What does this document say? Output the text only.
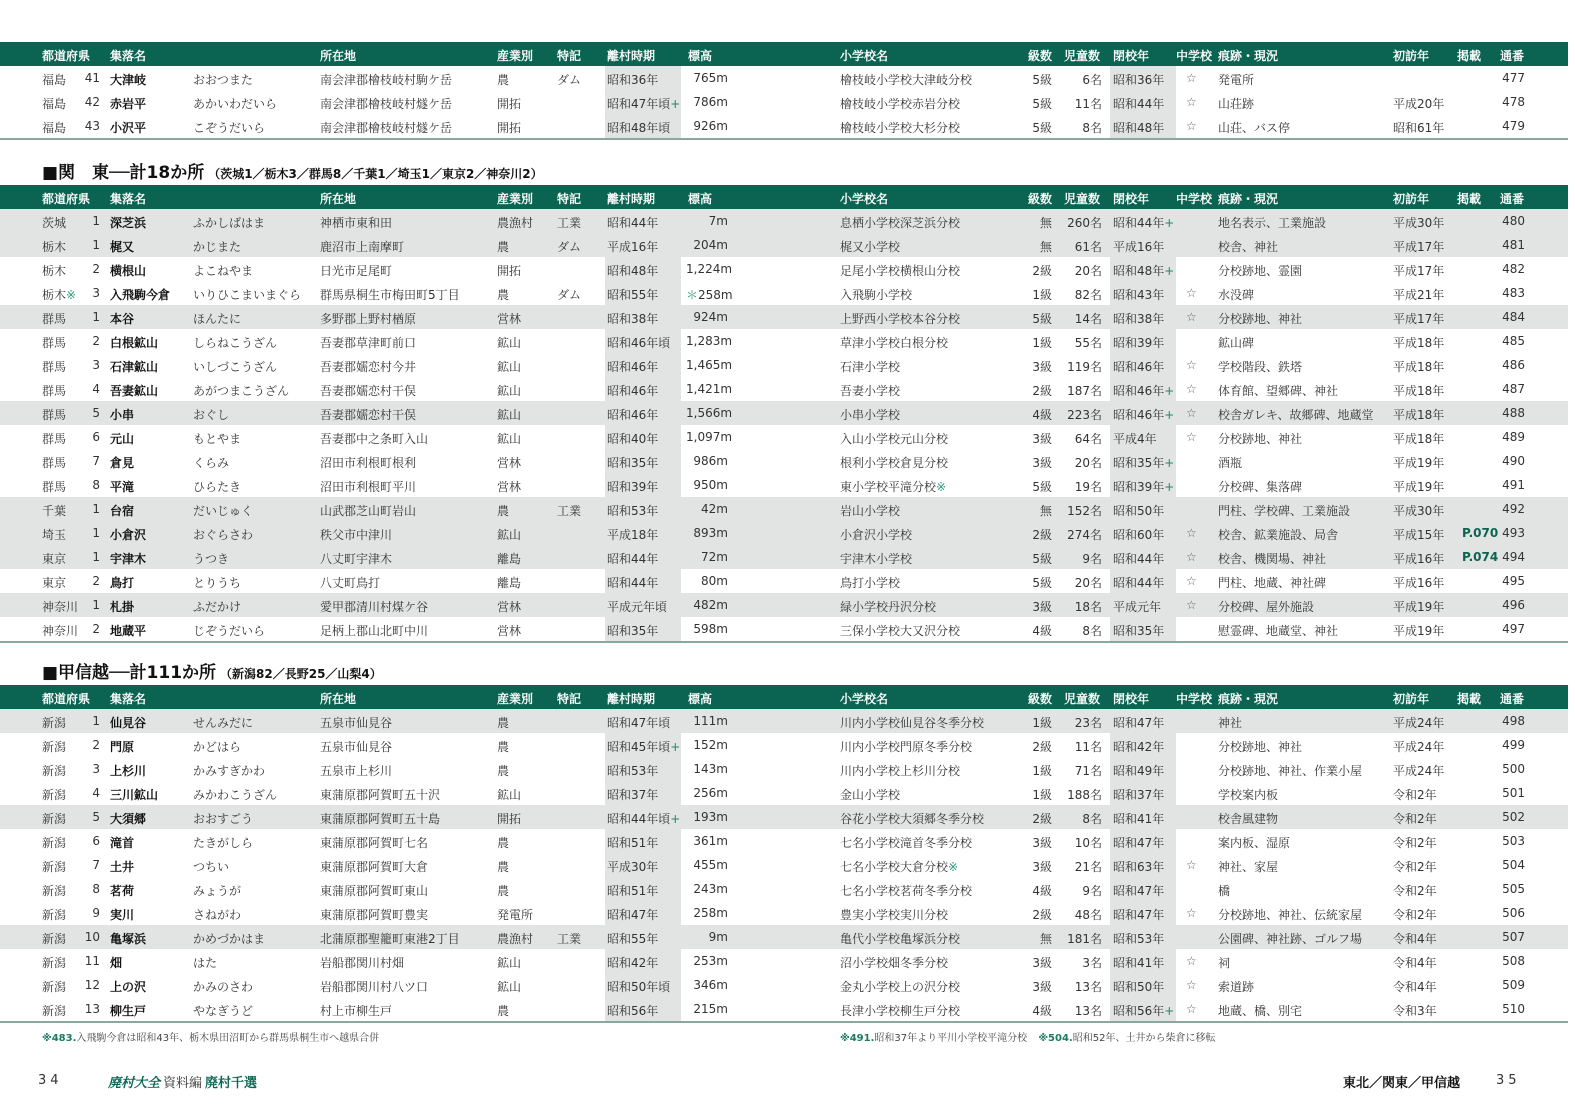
都道府県 集落名	所在地	産業別 特記 離村時期	標高	小学校名	級数 児童数 閉校年 中学校 痕跡・現況	初訪年 掲載 通番
福島	41 大津岐	おおつまた	南会津郡檜枝岐村駒ケ岳	農	ダム 昭和36年	765m	檜枝岐小学校大津岐分校	5級	6名 昭和36年 ☆ 発電所	477
福島	42 赤岩平	あかいわだいら	南会津郡檜枝岐村燧ケ岳	開拓	昭和47年頃+	786m	檜枝岐小学校赤岩分校	5級	11名 昭和44年 ☆ 山荘跡	平成20年	478
福島	43 小沢平	こぞうだいら	南会津郡檜枝岐村燧ケ岳	開拓	昭和48年頃	926m	檜枝岐小学校大杉分校	5級	8名 昭和48年 ☆ 山荘、バス停	昭和61年	479
■関　東──計18か所 （茨城1／栃木3／群馬8／千葉1／埼玉1／東京2／神奈川2）
都道府県 集落名	所在地	産業別 特記 離村時期	標高	小学校名	級数 児童数 閉校年 中学校 痕跡・現況	初訪年 掲載 通番
茨城	1 深芝浜	ふかしばはま	神栖市東和田	農漁村 工業 昭和44年	7m	息栖小学校深芝浜分校	無	260名 昭和44年+	地名表示、工業施設	平成30年	480
栃木	1 梶又	かじまた	鹿沼市上南摩町	農	ダム 平成16年	204m	梶又小学校	無	61名 平成16年	校舎、神社	平成17年	481
栃木	2 横根山	よこねやま	日光市足尾町	開拓	昭和48年 1,224m	足尾小学校横根山分校	2級	20名 昭和48年+	分校跡地、霊園	平成17年	482
栃木※	3 入飛駒今倉 いりひこまいまぐら 群馬県桐生市梅田町5丁目	農	ダム 昭和55年 ＊258m	入飛駒小学校	1級	82名 昭和43年 ☆ 水没碑	平成21年	483
群馬	1 本谷	ほんたに	多野郡上野村楢原	営林	昭和38年	924m	上野西小学校本谷分校	5級	14名 昭和38年 ☆ 分校跡地、神社	平成17年	484
群馬	2 白根鉱山	しらねこうざん	吾妻郡草津町前口	鉱山	昭和46年頃 1,283m	草津小学校白根分校	1級	55名 昭和39年	鉱山碑	平成18年	485
群馬	3 石津鉱山	いしづこうざん	吾妻郡嬬恋村今井	鉱山	昭和46年 1,465m	石津小学校	3級	119名 昭和46年 ☆ 学校階段、鉄塔	平成18年	486
群馬	4 吾妻鉱山	あがつまこうざん	吾妻郡嬬恋村干俣	鉱山	昭和46年 1,421m	吾妻小学校	2級	187名 昭和46年+ ☆ 体育館、望郷碑、神社	平成18年	487
群馬	5 小串	おぐし	吾妻郡嬬恋村干俣	鉱山	昭和46年 1,566m	小串小学校	4級	223名 昭和46年+ ☆ 校舎ガレキ、故郷碑、地蔵堂 平成18年	488
群馬	6 元山	もとやま	吾妻郡中之条町入山	鉱山	昭和40年 1,097m	入山小学校元山分校	3級	64名 平成4年 ☆ 分校跡地、神社	平成18年	489
群馬	7 倉見	くらみ	沼田市利根町根利	営林	昭和35年	986m	根利小学校倉見分校	3級	20名 昭和35年+	酒瓶	平成19年	490
群馬	8 平滝	ひらたき	沼田市利根町平川	営林	昭和39年	950m	東小学校平滝分校※	5級	19名 昭和39年+	分校碑、集落碑	平成19年	491
千葉	1 台宿	だいじゅく	山武郡芝山町岩山	農	工業 昭和53年	42m	岩山小学校	無	152名 昭和50年	門柱、学校碑、工業施設	平成30年	492
埼玉	1 小倉沢	おぐらさわ	秩父市中津川	鉱山	平成18年	893m	小倉沢小学校	2級	274名 昭和60年 ☆ 校舎、鉱業施設、局舎	平成15年 P.070 493
東京	1 宇津木	うつき	八丈町宇津木	離島	昭和44年	72m	宇津木小学校	5級	9名 昭和44年 ☆ 校舎、機関場、神社	平成16年 P.074 494
東京	2 鳥打	とりうち	八丈町鳥打	離島	昭和44年	80m	鳥打小学校	5級	20名 昭和44年 ☆ 門柱、地蔵、神社碑	平成16年	495
神奈川	1 札掛	ふだかけ	愛甲郡清川村煤ケ谷	営林	平成元年頃	482m	緑小学校丹沢分校	3級	18名 平成元年 ☆ 分校碑、屋外施設	平成19年	496
神奈川	2 地蔵平	じぞうだいら	足柄上郡山北町中川	営林	昭和35年	598m	三保小学校大又沢分校	4級	8名 昭和35年	慰霊碑、地蔵堂、神社	平成19年	497
■甲信越──計111か所 （新潟82／長野25／山梨4）
都道府県 集落名	所在地	産業別 特記 離村時期	標高	小学校名	級数 児童数 閉校年 中学校 痕跡・現況	初訪年 掲載 通番
新潟	1 仙見谷	せんみだに	五泉市仙見谷	農	昭和47年頃	111m	川内小学校仙見谷冬季分校	1級	23名 昭和47年	神社	平成24年	498
新潟	2 門原	かどはら	五泉市仙見谷	農	昭和45年頃+	152m	川内小学校門原冬季分校	2級	11名 昭和42年	分校跡地、神社	平成24年	499
新潟	3 上杉川	かみすぎかわ	五泉市上杉川	農	昭和53年	143m	川内小学校上杉川分校	1級	71名 昭和49年	分校跡地、神社、作業小屋	平成24年	500
新潟	4 三川鉱山	みかわこうざん	東蒲原郡阿賀町五十沢	鉱山	昭和37年	256m	金山小学校	1級	188名 昭和37年	学校案内板	令和2年	501
新潟	5 大須郷	おおすごう	東蒲原郡阿賀町五十島	開拓	昭和44年頃+	193m	谷花小学校大須郷冬季分校	2級	8名 昭和41年	校舎風建物	令和2年	502
新潟	6 滝首	たきがしら	東蒲原郡阿賀町七名	農	昭和51年	361m	七名小学校滝首冬季分校	3級	10名 昭和47年	案内板、湿原	令和2年	503
新潟	7 土井	つちい	東蒲原郡阿賀町大倉	農	平成30年	455m	七名小学校大倉分校※	3級	21名 昭和63年 ☆ 神社、家屋	令和2年	504
新潟	8 茗荷	みょうが	東蒲原郡阿賀町東山	農	昭和51年	243m	七名小学校茗荷冬季分校	4級	9名 昭和47年	橋	令和2年	505
新潟	9 実川	さねがわ	東蒲原郡阿賀町豊実	発電所	昭和47年	258m	豊実小学校実川分校	2級	48名 昭和47年 ☆ 分校跡地、神社、伝統家屋	令和2年	506
新潟	10 亀塚浜	かめづかはま	北蒲原郡聖籠町東港2丁目	農漁村 工業 昭和55年	9m	亀代小学校亀塚浜分校	無	181名 昭和53年	公園碑、神社跡、ゴルフ場	令和4年	507
新潟	11 畑	はた	岩船郡関川村畑	鉱山	昭和42年	253m	沼小学校畑冬季分校	3級	3名 昭和41年 ☆ 祠	令和4年	508
新潟	12 上の沢	かみのさわ	岩船郡関川村八ツ口	鉱山	昭和50年頃	346m	金丸小学校上の沢分校	3級	13名 昭和50年 ☆ 索道跡	令和4年	509
新潟	13 柳生戸	やなぎうど	村上市柳生戸	農	昭和56年	215m	長津小学校柳生戸分校	4級	13名 昭和56年+ ☆ 地蔵、橋、別宅	令和3年	510
※483.入飛駒今倉は昭和43年、栃木県田沼町から群馬県桐生市へ越県合併	※491.昭和37年より平川小学校平滝分校 ※504.昭和52年、土井から柴倉に移転
34	廃村大全 資料編 廃村千選	東北／関東／甲信越	35
